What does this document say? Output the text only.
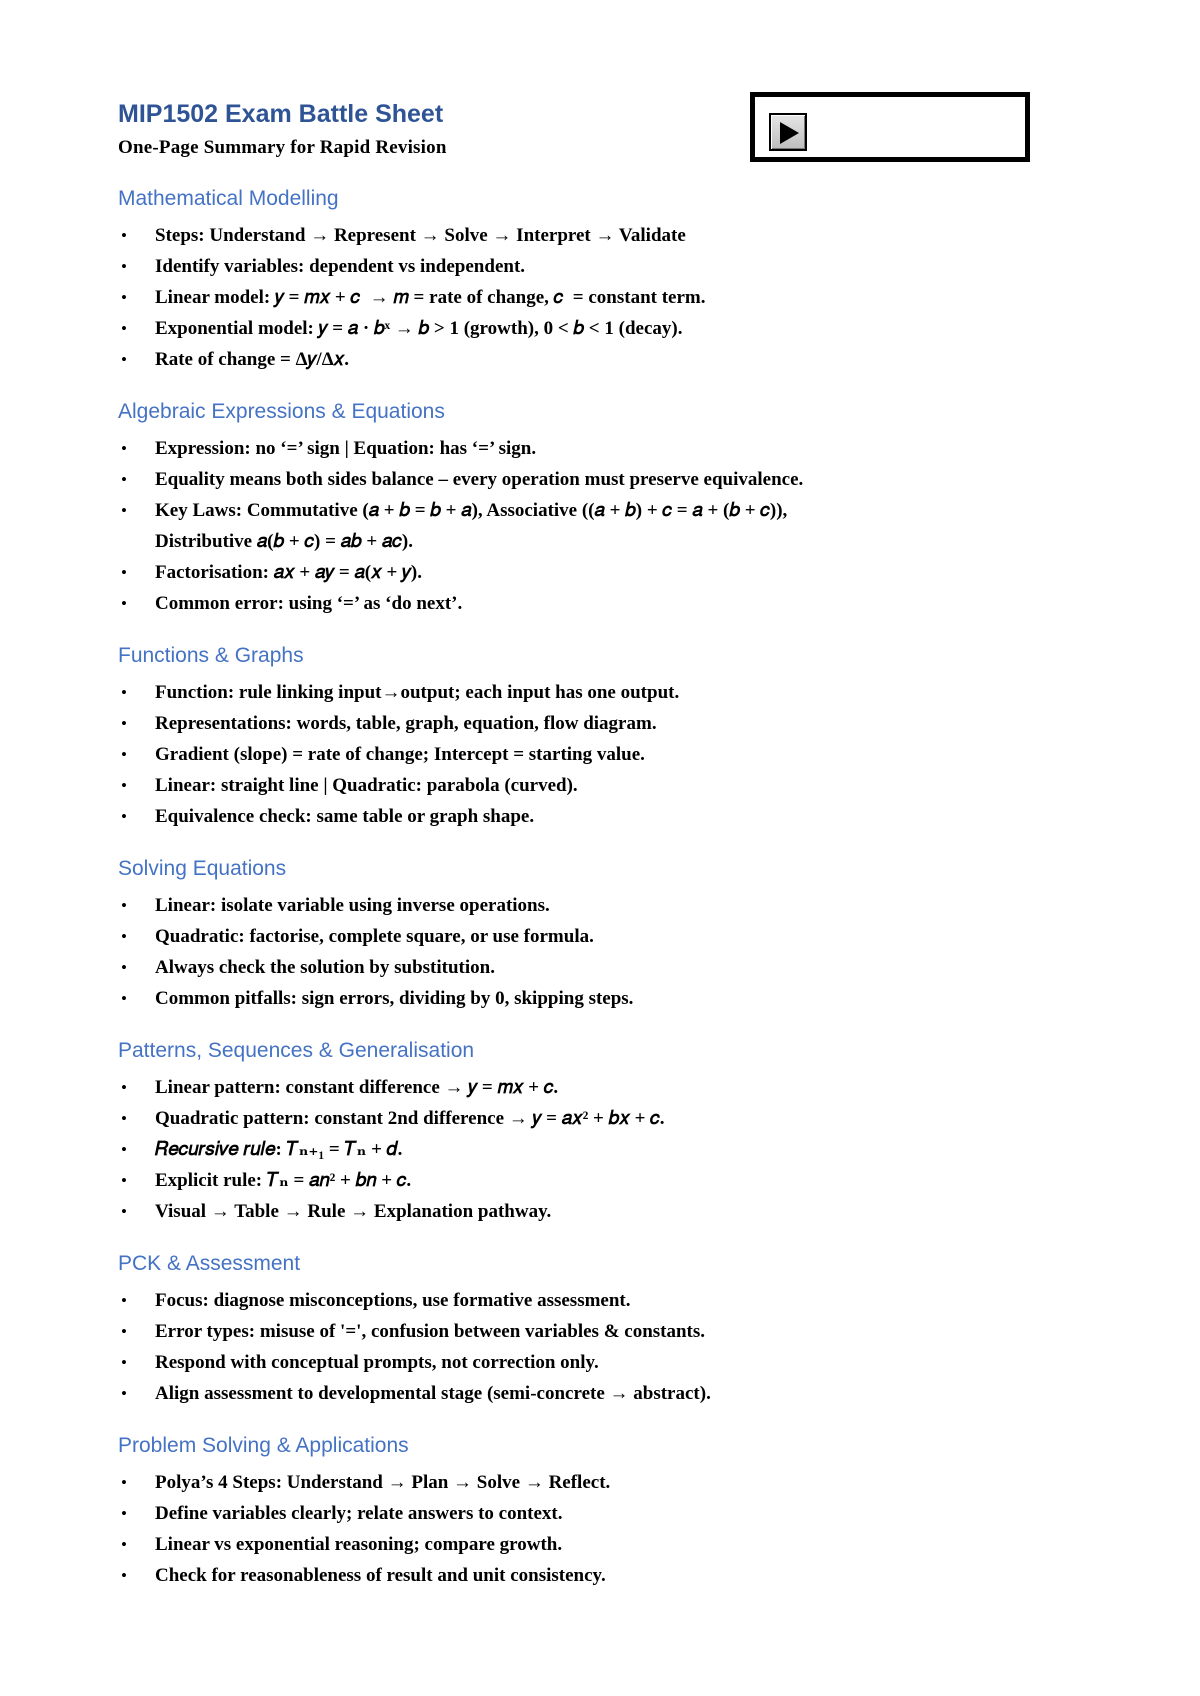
MIP1502 Exam Battle Sheet

One-Page Summary for Rapid Revision

Mathematical Modelling
• Steps: Understand → Represent → Solve → Interpret → Validate
• Identify variables: dependent vs independent.
• Linear model: 𝑦 = 𝑚𝑥 + 𝑐  → 𝑚 = rate of change, 𝑐  = constant term.
• Exponential model: 𝑦 = 𝑎 · 𝑏ˣ → 𝑏 > 1 (growth), 0 < 𝑏 < 1 (decay).
• Rate of change = Δ𝑦/Δ𝑥.
Algebraic Expressions & Equations
• Expression: no ‘=’ sign | Equation: has ‘=’ sign.
• Equality means both sides balance – every operation must preserve equivalence.
• Key Laws: Commutative (𝑎 + 𝑏 = 𝑏 + 𝑎), Associative ((𝑎 + 𝑏) + 𝑐 = 𝑎 + (𝑏 + 𝑐)),
Distributive 𝑎(𝑏 + 𝑐) = 𝑎𝑏 + 𝑎𝑐).
• Factorisation: 𝑎𝑥 + 𝑎𝑦 = 𝑎(𝑥 + 𝑦).
• Common error: using ‘=’ as ‘do next’.
Functions & Graphs
• Function: rule linking input→output; each input has one output.
• Representations: words, table, graph, equation, flow diagram.
• Gradient (slope) = rate of change; Intercept = starting value.
• Linear: straight line | Quadratic: parabola (curved).
• Equivalence check: same table or graph shape.
Solving Equations
• Linear: isolate variable using inverse operations.
• Quadratic: factorise, complete square, or use formula.
• Always check the solution by substitution.
• Common pitfalls: sign errors, dividing by 0, skipping steps.
Patterns, Sequences & Generalisation
• Linear pattern: constant difference → 𝑦 = 𝑚𝑥 + 𝑐.
• Quadratic pattern: constant 2nd difference → 𝑦 = 𝑎𝑥² + 𝑏𝑥 + 𝑐.
• 𝑅𝑒𝑐𝑢𝑟𝑠𝑖𝑣𝑒 𝑟𝑢𝑙𝑒: 𝑇ₙ₊₁ = 𝑇ₙ + 𝑑.
• Explicit rule: 𝑇ₙ = 𝑎𝑛² + 𝑏𝑛 + 𝑐.
• Visual → Table → Rule → Explanation pathway.
PCK & Assessment
• Focus: diagnose misconceptions, use formative assessment.
• Error types: misuse of '=', confusion between variables & constants.
• Respond with conceptual prompts, not correction only.
• Align assessment to developmental stage (semi-concrete → abstract).
Problem Solving & Applications
• Polya’s 4 Steps: Understand → Plan → Solve → Reflect.
• Define variables clearly; relate answers to context.
• Linear vs exponential reasoning; compare growth.
• Check for reasonableness of result and unit consistency.
